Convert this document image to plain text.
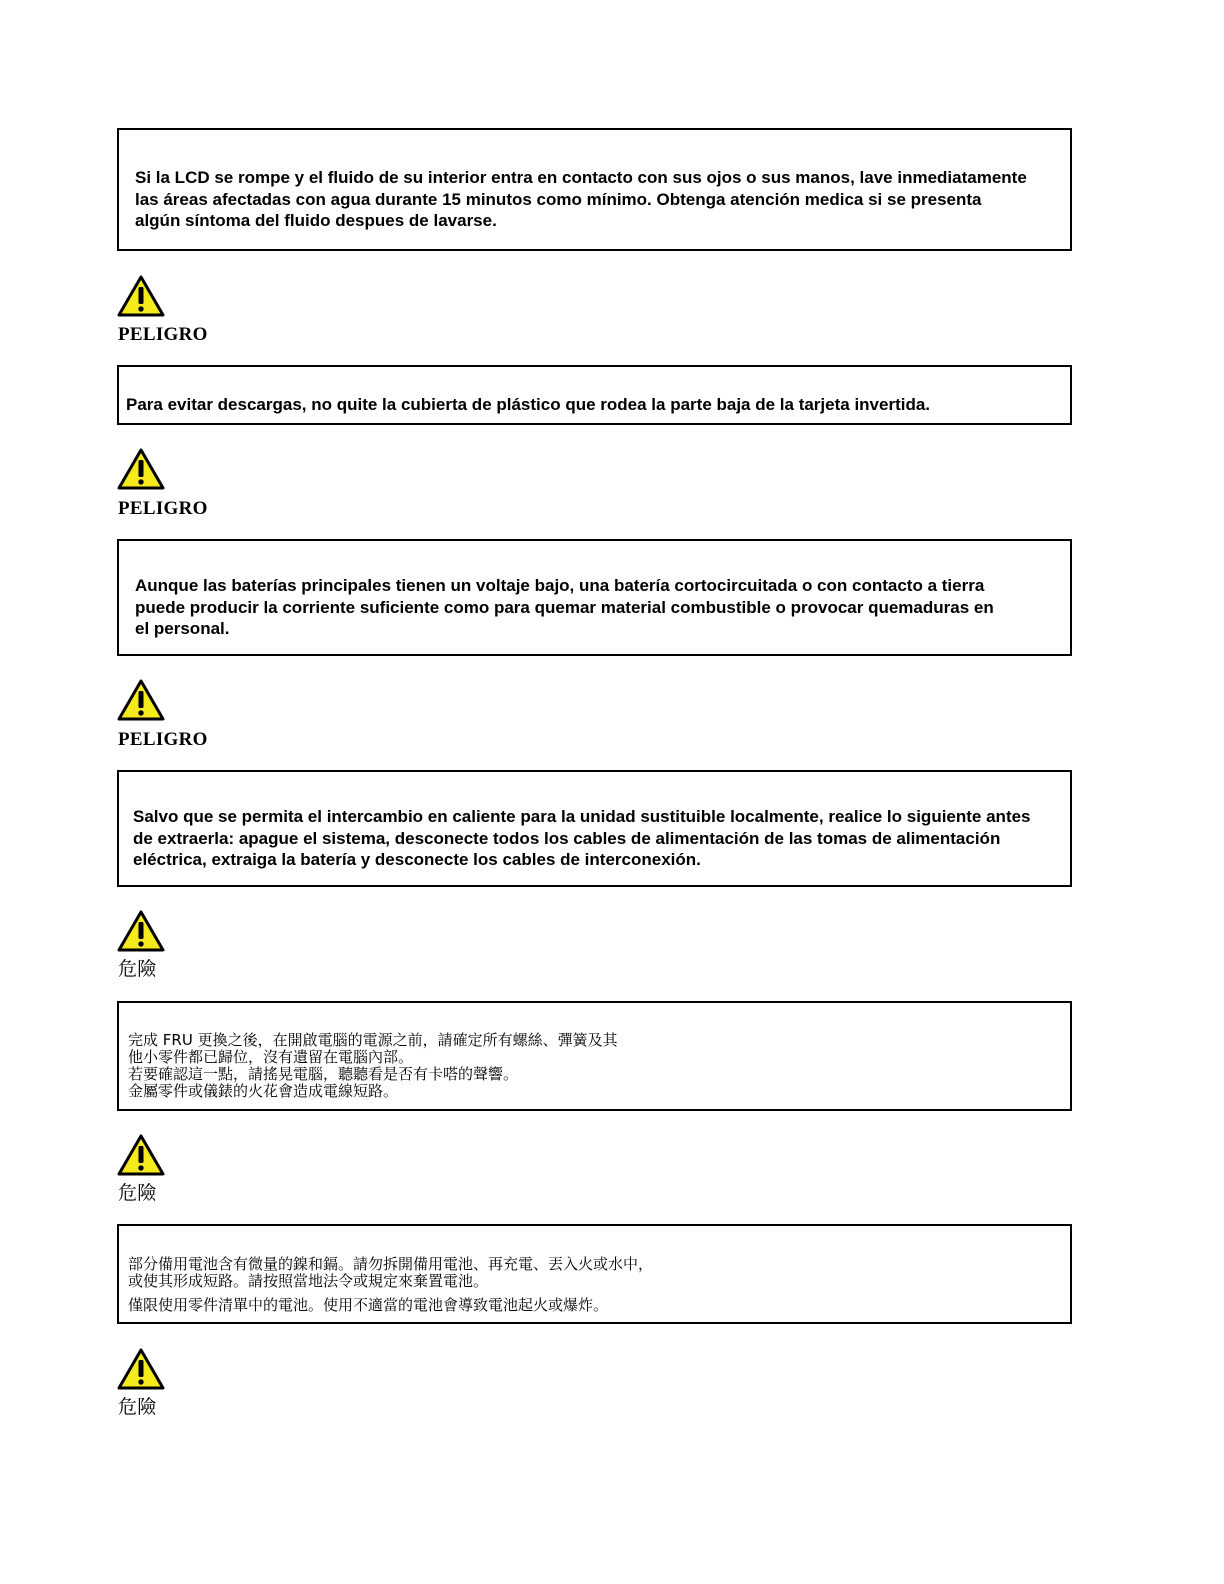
Si la LCD se rompe y el fluido de su interior entra en contacto con sus ojos o sus manos, lave inmediatamente
las áreas afectadas con agua durante 15 minutos como mínimo. Obtenga atención medica si se presenta
algún síntoma del fluido despues de lavarse.

PELIGRO

Para evitar descargas, no quite la cubierta de plástico que rodea la parte baja de la tarjeta invertida.

PELIGRO

Aunque las baterías principales tienen un voltaje bajo, una batería cortocircuitada o con contacto a tierra
puede producir la corriente suficiente como para quemar material combustible o provocar quemaduras en
el personal.

PELIGRO

Salvo que se permita el intercambio en caliente para la unidad sustituible localmente, realice lo siguiente antes
de extraerla: apague el sistema, desconecte todos los cables de alimentación de las tomas de alimentación
eléctrica, extraiga la batería y desconecte los cables de interconexión.

危險

完成 FRU 更換之後，在開啟電腦的電源之前，請確定所有螺絲、彈簧及其
他小零件都已歸位，沒有遺留在電腦內部。
若要確認這一點，請搖晃電腦，聽聽看是否有卡嗒的聲響。
金屬零件或儀錶的火花會造成電線短路。

危險

部分備用電池含有微量的鎳和鎘。請勿拆開備用電池、再充電、丟入火或水中，
或使其形成短路。請按照當地法令或規定來棄置電池。

僅限使用零件清單中的電池。使用不適當的電池會導致電池起火或爆炸。

危險
